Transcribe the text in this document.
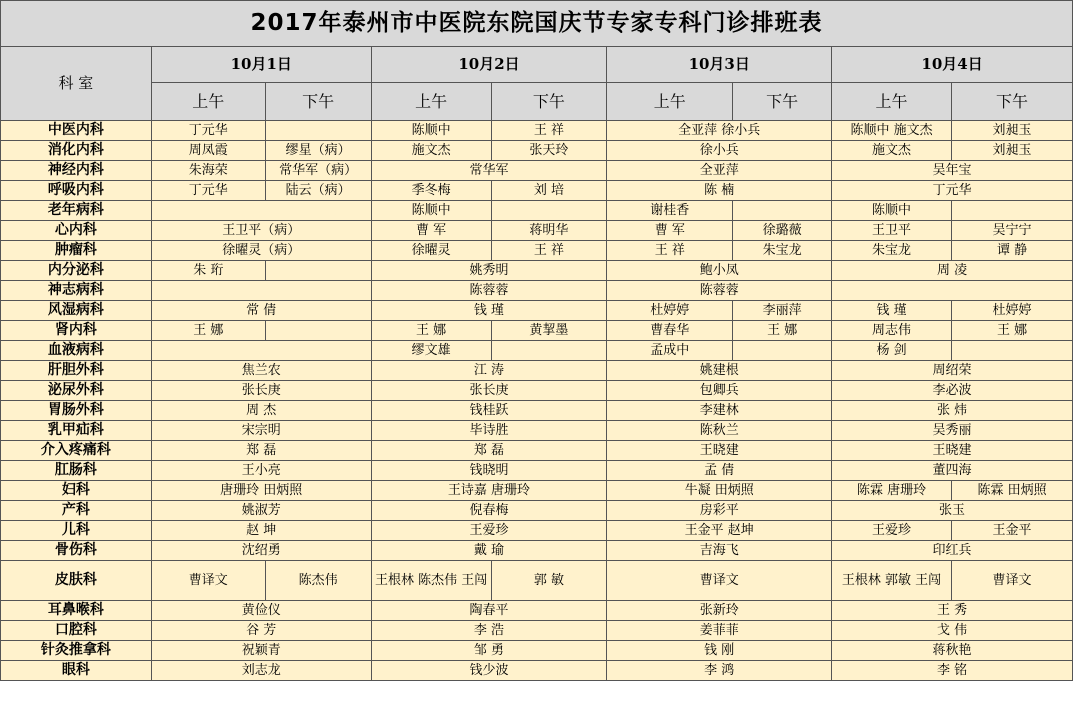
2017年泰州市中医院东院国庆节专家专科门诊排班表								
科 室	10月1日		10月2日		10月3日		10月4日	
	上午	下午	上午	下午	上午	下午	上午	下午
中医内科	丁元华		陈顺中	王 祥	全亚萍 徐小兵		陈顺中 施文杰	刘昶玉
消化内科	周凤霞	缪星（病）	施文杰	张天玲	徐小兵		施文杰	刘昶玉
神经内科	朱海荣	常华军（病）	常华军		全亚萍		吴年宝	
呼吸内科	丁元华	陆云（病）	季冬梅	刘 培	陈 楠		丁元华	
老年病科			陈顺中		谢桂香		陈顺中	
心内科	王卫平（病）		曹 军	蒋明华	曹 军	徐璐薇	王卫平	吴宁宁
肿瘤科	徐曜灵（病）		徐曜灵	王 祥	王 祥	朱宝龙	朱宝龙	谭 静
内分泌科	朱 珩		姚秀明		鲍小凤		周 凌	
神志病科			陈蓉蓉		陈蓉蓉			
风湿病科	常 倩		钱 瑾		杜婷婷	李丽萍	钱 瑾	杜婷婷
肾内科	王 娜		王 娜	黄挈墨	曹春华	王 娜	周志伟	王 娜
血液病科			缪文雄		孟成中		杨 剑	
肝胆外科	焦兰农		江 涛		姚建根		周绍荣	
泌尿外科	张长庚		张长庚		包卿兵		李必波	
胃肠外科	周 杰		钱桂跃		李建林		张 炜	
乳甲疝科	宋宗明		毕诗胜		陈秋兰		吴秀丽	
介入疼痛科	郑 磊		郑 磊		王晓建		王晓建	
肛肠科	王小亮		钱晓明		孟 倩		董四海	
妇科	唐珊玲 田炳照		王诗嘉 唐珊玲		牛凝 田炳照		陈霖 唐珊玲	陈霖 田炳照
产科	姚淑芳		倪春梅		房彩平		张玉	
儿科	赵 坤		王爱珍		王金平 赵坤		王爱珍	王金平
骨伤科	沈绍勇		戴 瑜		吉海飞		印红兵	
皮肤科	曹译文	陈杰伟	王根林 陈杰伟 王闯	郭 敏	曹译文		王根林 郭敏 王闯	曹译文
耳鼻喉科	黄俭仪		陶春平		张新玲		王 秀	
口腔科	谷 芳		李 浩		姜菲菲		戈 伟	
针灸推拿科	祝颖青		邹 勇		钱 刚		蒋秋艳	
眼科	刘志龙		钱少波		李 鸿		李 铭	
